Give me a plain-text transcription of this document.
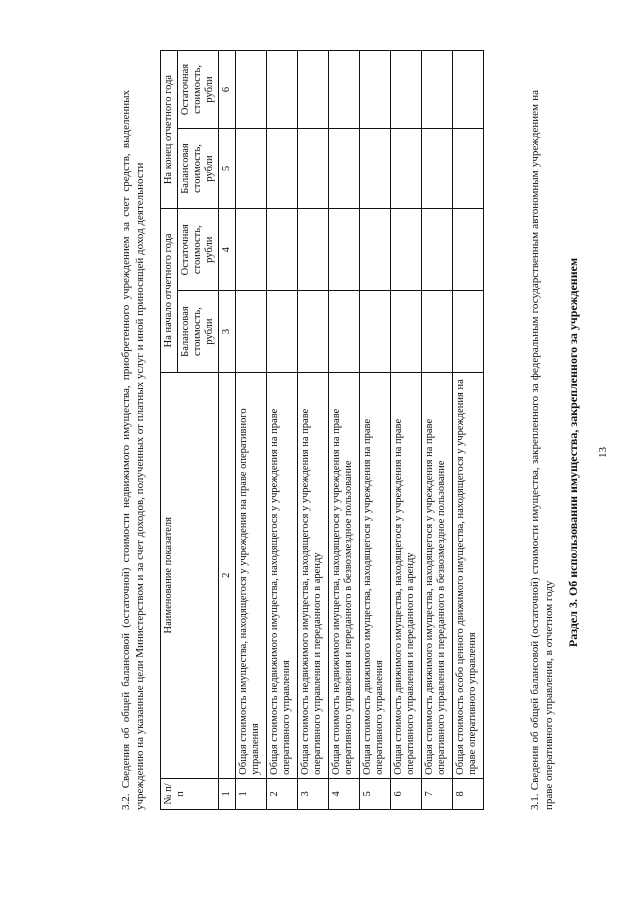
13
Раздел 3. Об использовании имущества, закрепленного за учреждением
3.1. Сведения об общей балансовой (остаточной) стоимости имущества, закрепленного за федеральным государственным автономным учреждением на праве оперативного управления, в отчетном году
№ п/п	Наименование показателя	На начало отчетного года		На конец отчетного года	
		Балансовая стоимость, рубли	Остаточная стоимость, рубли	Балансовая стоимость, рубли	Остаточная стоимость, рубли
1	2	3	4	5	6
1	Общая стоимость имущества, находящегося у учреждения на праве оперативного управления				
2	Общая стоимость недвижимого имущества, находящегося у учреждения на праве оперативного управления				
3	Общая стоимость недвижимого имущества, находящегося у учреждения на праве оперативного управления и переданного в аренду				
4	Общая стоимость недвижимого имущества, находящегося у учреждения на праве оперативного управления и переданного в безвозмездное пользование				
5	Общая стоимость движимого имущества, находящегося у учреждения на праве оперативного управления				
6	Общая стоимость движимого имущества, находящегося у учреждения на праве оперативного управления и переданного в аренду				
7	Общая стоимость движимого имущества, находящегося у учреждения на праве оперативного управления и переданного в безвозмездное пользование				
8	Общая стоимость особо ценного движимого имущества, находящегося у учреждения на праве оперативного управления				
3.2. Сведения об общей балансовой (остаточной) стоимости недвижимого имущества, приобретенного учреждением за счет средств, выделенных учреждению на указанные цели Министерством и за счет доходов, полученных от платных услуг и иной приносящей доход деятельности
